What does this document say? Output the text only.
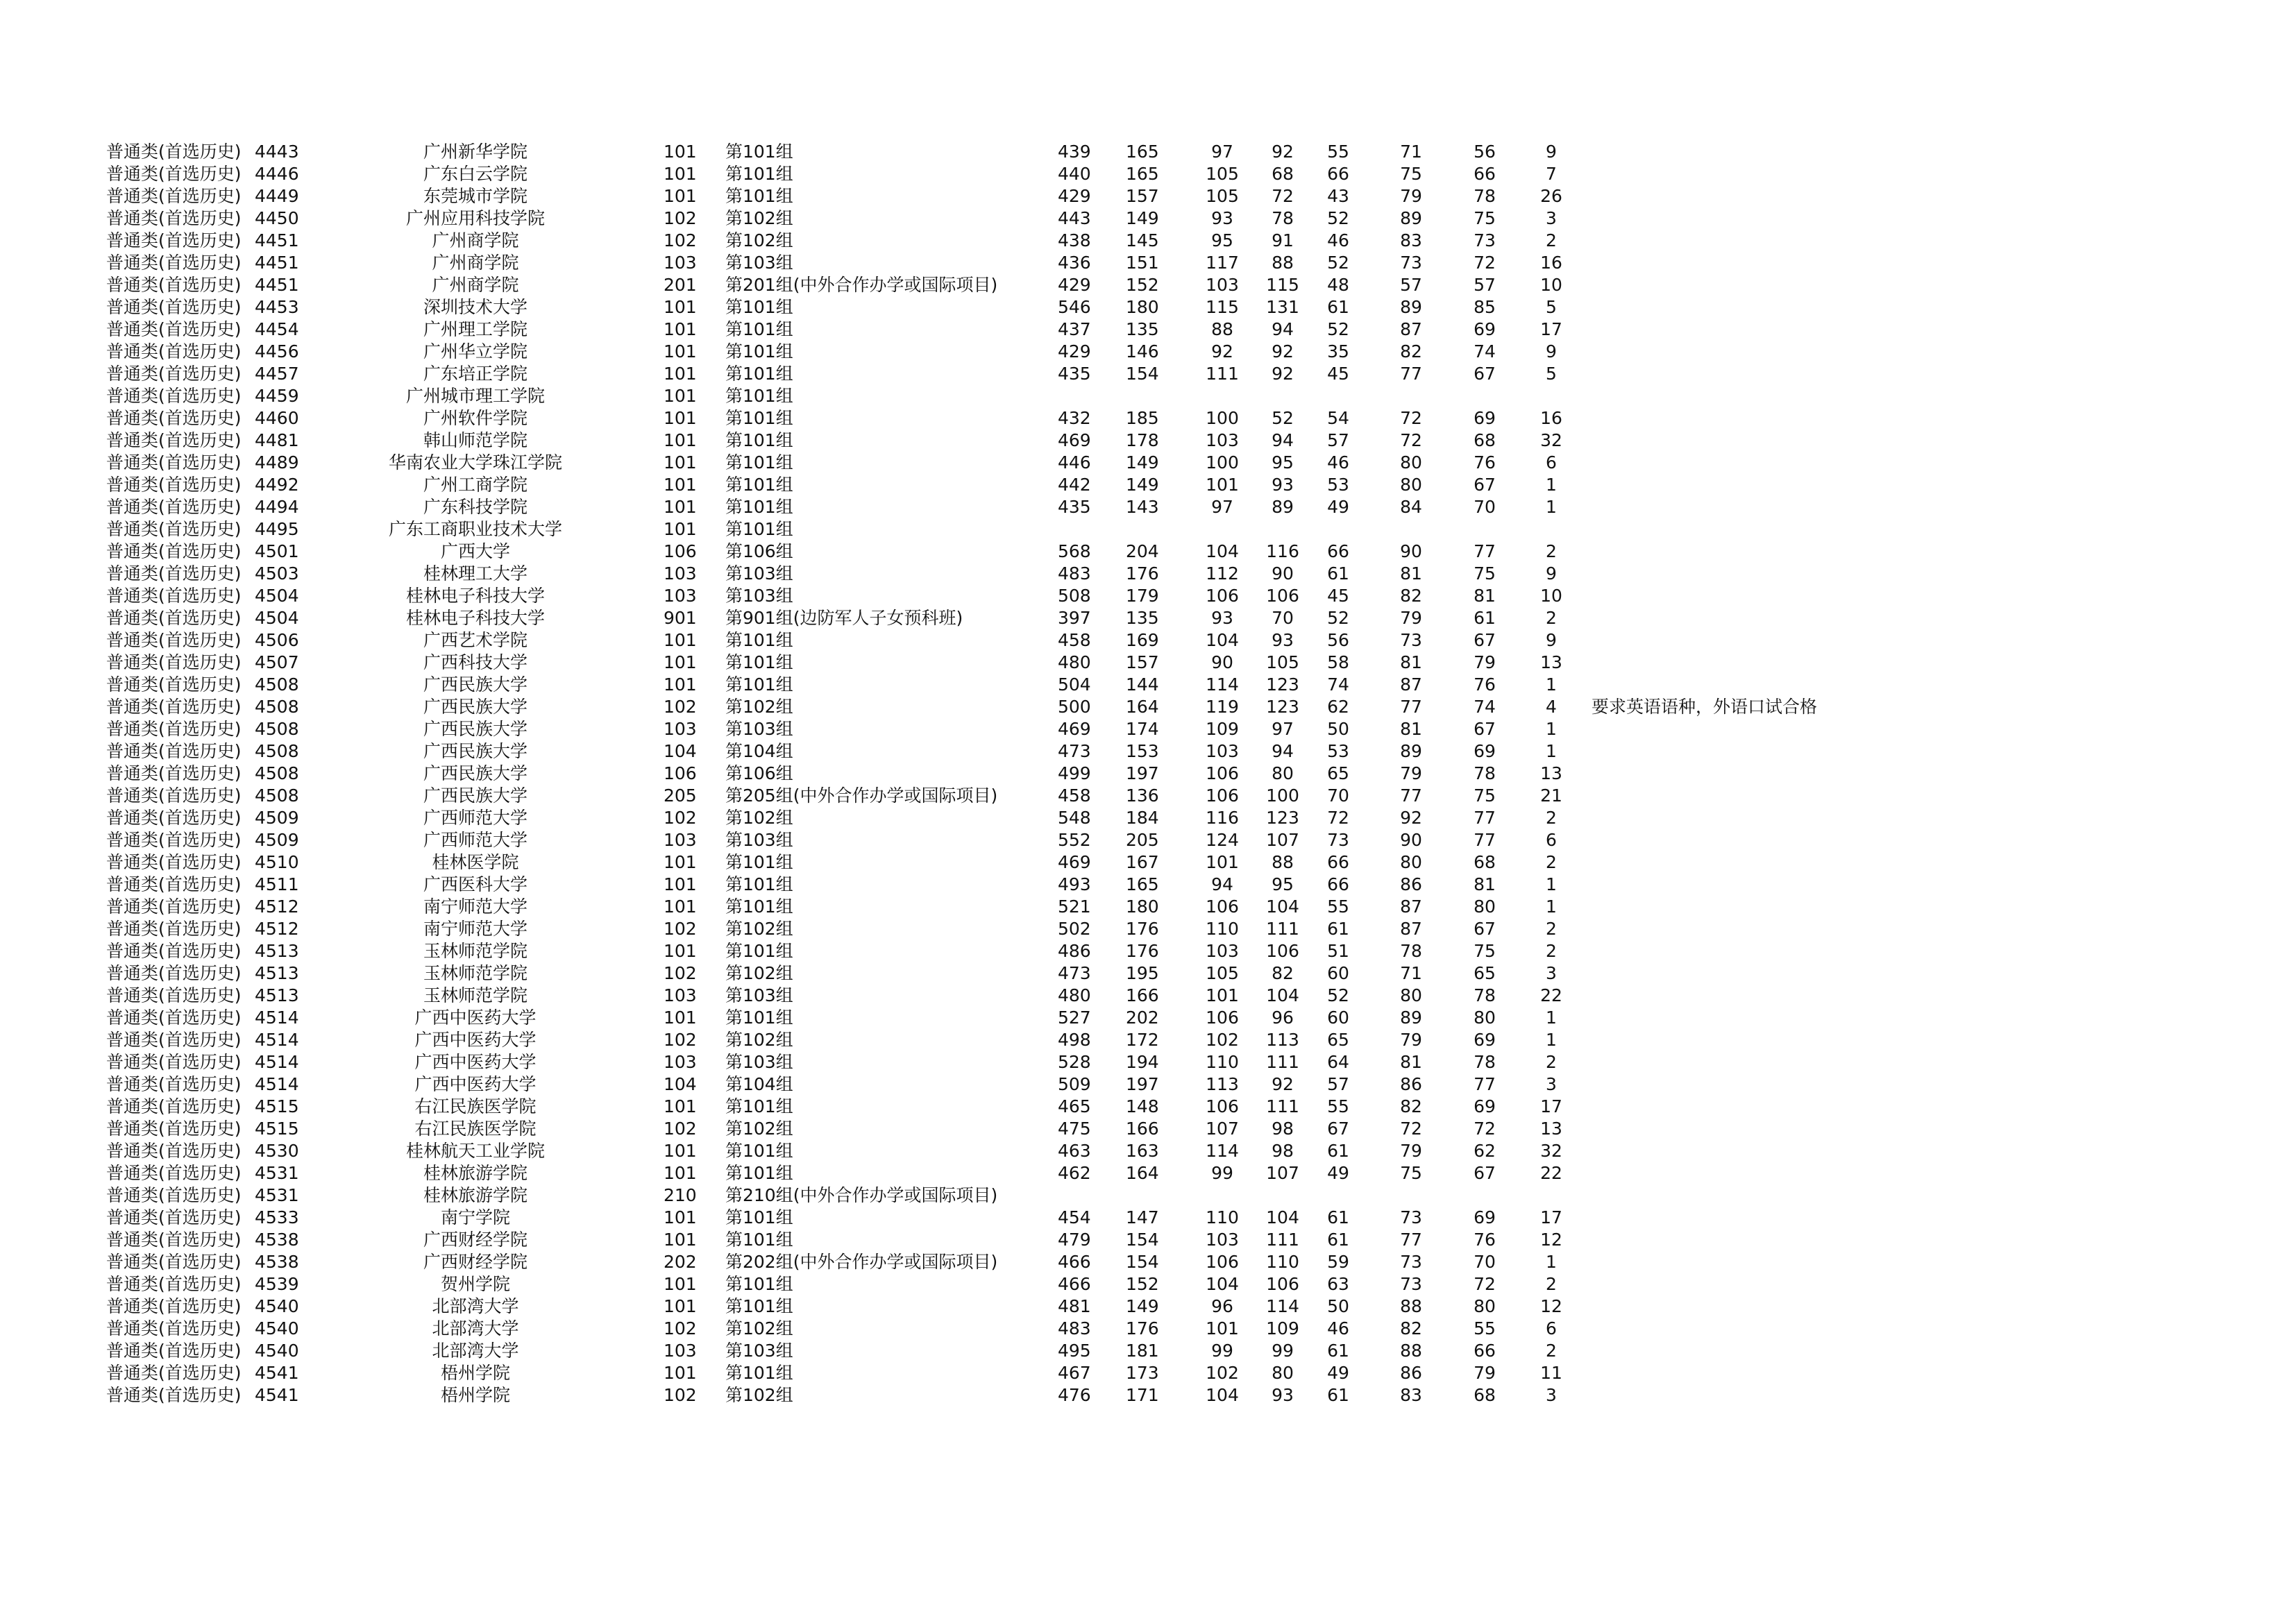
普通类(首选历史) 4443	广州新华学院	101 第101组	439 165	97	92	55	71	56	9
普通类(首选历史) 4446	广东白云学院	101 第101组	440 165	105	68	66	75	66	7
普通类(首选历史) 4449	东莞城市学院	101 第101组	429 157	105	72	43	79	78	26
普通类(首选历史) 4450	广州应用科技学院	102 第102组	443 149	93	78	52	89	75	3
普通类(首选历史) 4451	广州商学院	102 第102组	438 145	95	91	46	83	73	2
普通类(首选历史) 4451	广州商学院	103 第103组	436 151	117	88	52	73	72	16
普通类(首选历史) 4451	广州商学院	201 第201组(中外合作办学或国际项目)	429 152	103	115	48	57	57	10
普通类(首选历史) 4453	深圳技术大学	101 第101组	546 180	115	131	61	89	85	5
普通类(首选历史) 4454	广州理工学院	101 第101组	437 135	88	94	52	87	69	17
普通类(首选历史) 4456	广州华立学院	101 第101组	429 146	92	92	35	82	74	9
普通类(首选历史) 4457	广东培正学院	101 第101组	435 154	111	92	45	77	67	5
普通类(首选历史) 4459	广州城市理工学院	101 第101组
普通类(首选历史) 4460	广州软件学院	101 第101组	432 185	100	52	54	72	69	16
普通类(首选历史) 4481	韩山师范学院	101 第101组	469 178	103	94	57	72	68	32
普通类(首选历史) 4489	华南农业大学珠江学院	101 第101组	446 149	100	95	46	80	76	6
普通类(首选历史) 4492	广州工商学院	101 第101组	442 149	101	93	53	80	67	1
普通类(首选历史) 4494	广东科技学院	101 第101组	435 143	97	89	49	84	70	1
普通类(首选历史) 4495	广东工商职业技术大学	101 第101组
普通类(首选历史) 4501	广西大学	106 第106组	568 204	104	116	66	90	77	2
普通类(首选历史) 4503	桂林理工大学	103 第103组	483 176	112	90	61	81	75	9
普通类(首选历史) 4504	桂林电子科技大学	103 第103组	508 179	106	106	45	82	81	10
普通类(首选历史) 4504	桂林电子科技大学	901 第901组(边防军人子女预科班)	397 135	93	70	52	79	61	2
普通类(首选历史) 4506	广西艺术学院	101 第101组	458 169	104	93	56	73	67	9
普通类(首选历史) 4507	广西科技大学	101 第101组	480 157	90	105	58	81	79	13
普通类(首选历史) 4508	广西民族大学	101 第101组	504 144	114	123	74	87	76	1
普通类(首选历史) 4508	广西民族大学	102 第102组	500 164	119	123	62	77	74	4	要求英语语种，外语口试合格
普通类(首选历史) 4508	广西民族大学	103 第103组	469 174	109	97	50	81	67	1
普通类(首选历史) 4508	广西民族大学	104 第104组	473 153	103	94	53	89	69	1
普通类(首选历史) 4508	广西民族大学	106 第106组	499 197	106	80	65	79	78	13
普通类(首选历史) 4508	广西民族大学	205 第205组(中外合作办学或国际项目)	458 136	106	100	70	77	75	21
普通类(首选历史) 4509	广西师范大学	102 第102组	548 184	116	123	72	92	77	2
普通类(首选历史) 4509	广西师范大学	103 第103组	552 205	124	107	73	90	77	6
普通类(首选历史) 4510	桂林医学院	101 第101组	469 167	101	88	66	80	68	2
普通类(首选历史) 4511	广西医科大学	101 第101组	493 165	94	95	66	86	81	1
普通类(首选历史) 4512	南宁师范大学	101 第101组	521 180	106	104	55	87	80	1
普通类(首选历史) 4512	南宁师范大学	102 第102组	502 176	110	111	61	87	67	2
普通类(首选历史) 4513	玉林师范学院	101 第101组	486 176	103	106	51	78	75	2
普通类(首选历史) 4513	玉林师范学院	102 第102组	473 195	105	82	60	71	65	3
普通类(首选历史) 4513	玉林师范学院	103 第103组	480 166	101	104	52	80	78	22
普通类(首选历史) 4514	广西中医药大学	101 第101组	527 202	106	96	60	89	80	1
普通类(首选历史) 4514	广西中医药大学	102 第102组	498 172	102	113	65	79	69	1
普通类(首选历史) 4514	广西中医药大学	103 第103组	528 194	110	111	64	81	78	2
普通类(首选历史) 4514	广西中医药大学	104 第104组	509 197	113	92	57	86	77	3
普通类(首选历史) 4515	右江民族医学院	101 第101组	465 148	106	111	55	82	69	17
普通类(首选历史) 4515	右江民族医学院	102 第102组	475 166	107	98	67	72	72	13
普通类(首选历史) 4530	桂林航天工业学院	101 第101组	463 163	114	98	61	79	62	32
普通类(首选历史) 4531	桂林旅游学院	101 第101组	462 164	99	107	49	75	67	22
普通类(首选历史) 4531	桂林旅游学院	210 第210组(中外合作办学或国际项目)
普通类(首选历史) 4533	南宁学院	101 第101组	454 147	110	104	61	73	69	17
普通类(首选历史) 4538	广西财经学院	101 第101组	479 154	103	111	61	77	76	12
普通类(首选历史) 4538	广西财经学院	202 第202组(中外合作办学或国际项目)	466 154	106	110	59	73	70	1
普通类(首选历史) 4539	贺州学院	101 第101组	466 152	104	106	63	73	72	2
普通类(首选历史) 4540	北部湾大学	101 第101组	481 149	96	114	50	88	80	12
普通类(首选历史) 4540	北部湾大学	102 第102组	483 176	101	109	46	82	55	6
普通类(首选历史) 4540	北部湾大学	103 第103组	495 181	99	99	61	88	66	2
普通类(首选历史) 4541	梧州学院	101 第101组	467 173	102	80	49	86	79	11
普通类(首选历史) 4541	梧州学院	102 第102组	476 171	104	93	61	83	68	3
